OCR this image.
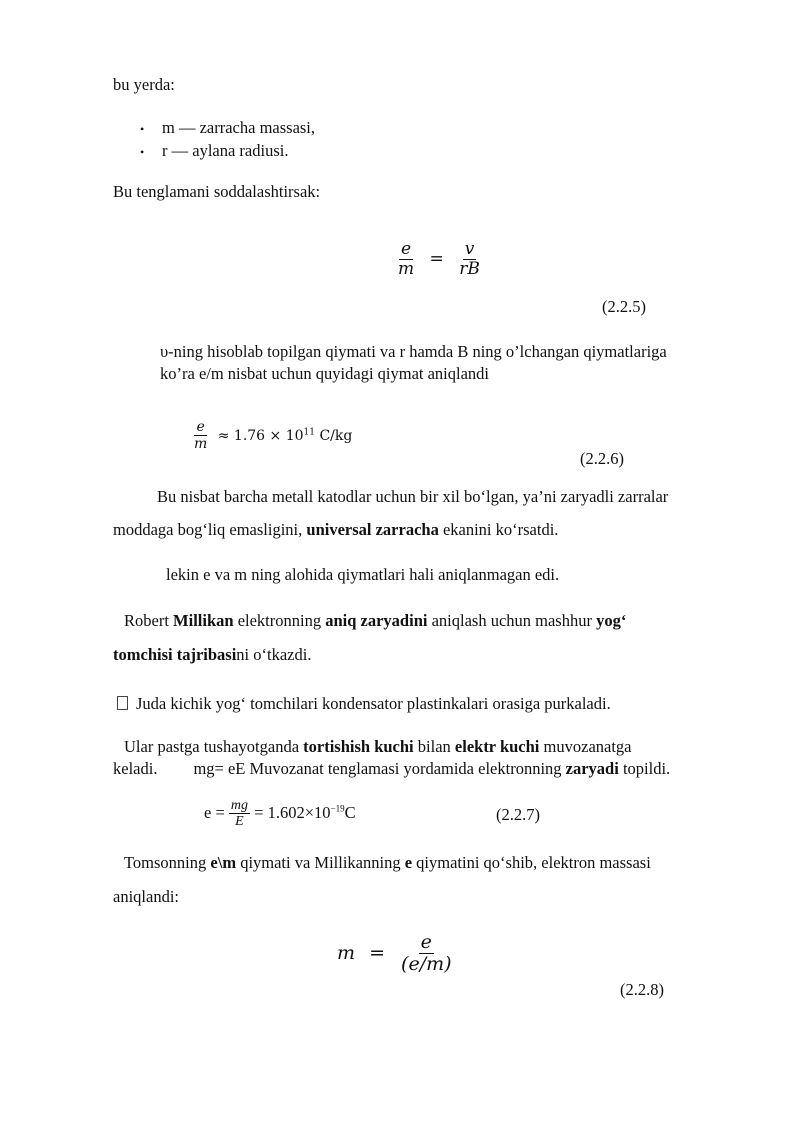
bu yerda:
• m — zarracha massasi,
• r — aylana radiusi.
Bu tenglamani soddalashtirsak:
$\frac{e}{m} = \frac{v}{rB}$
(2.2.5)
υ-ning hisoblab topilgan qiymati va r hamda B ning o’lchangan qiymatlariga
ko’ra e/m nisbat uchun quyidagi qiymat aniqlandi
$\frac{e}{m} \approx 1.76 \times 10^{11}$ C/kg
(2.2.6)
Bu nisbat barcha metall katodlar uchun bir xil bo‘lgan, ya’ni zaryadli zarralar
moddaga bog‘liq emasligini, universal zarracha ekanini ko‘rsatdi.
lekin e va m ning alohida qiymatlari hali aniqlanmagan edi.
Robert Millikan elektronning aniq zaryadini aniqlash uchun mashhur yog‘
tomchisi tajribasini o‘tkazdi.
Juda kichik yog‘ tomchilari kondensator plastinkalari orasiga purkaladi.
Ular pastga tushayotganda tortishish kuchi bilan elektr kuchi muvozanatga
keladi. mg= eE Muvozanat tenglamasi yordamida elektronning zaryadi topildi.
$e = \frac{mg}{E} = 1.602\times 10^{-19}C$	(2.2.7)
Tomsonning e\m qiymati va Millikanning e qiymatini qo‘shib, elektron massasi
aniqlandi:
$m = \frac{e}{(e/m)}$
(2.2.8)
